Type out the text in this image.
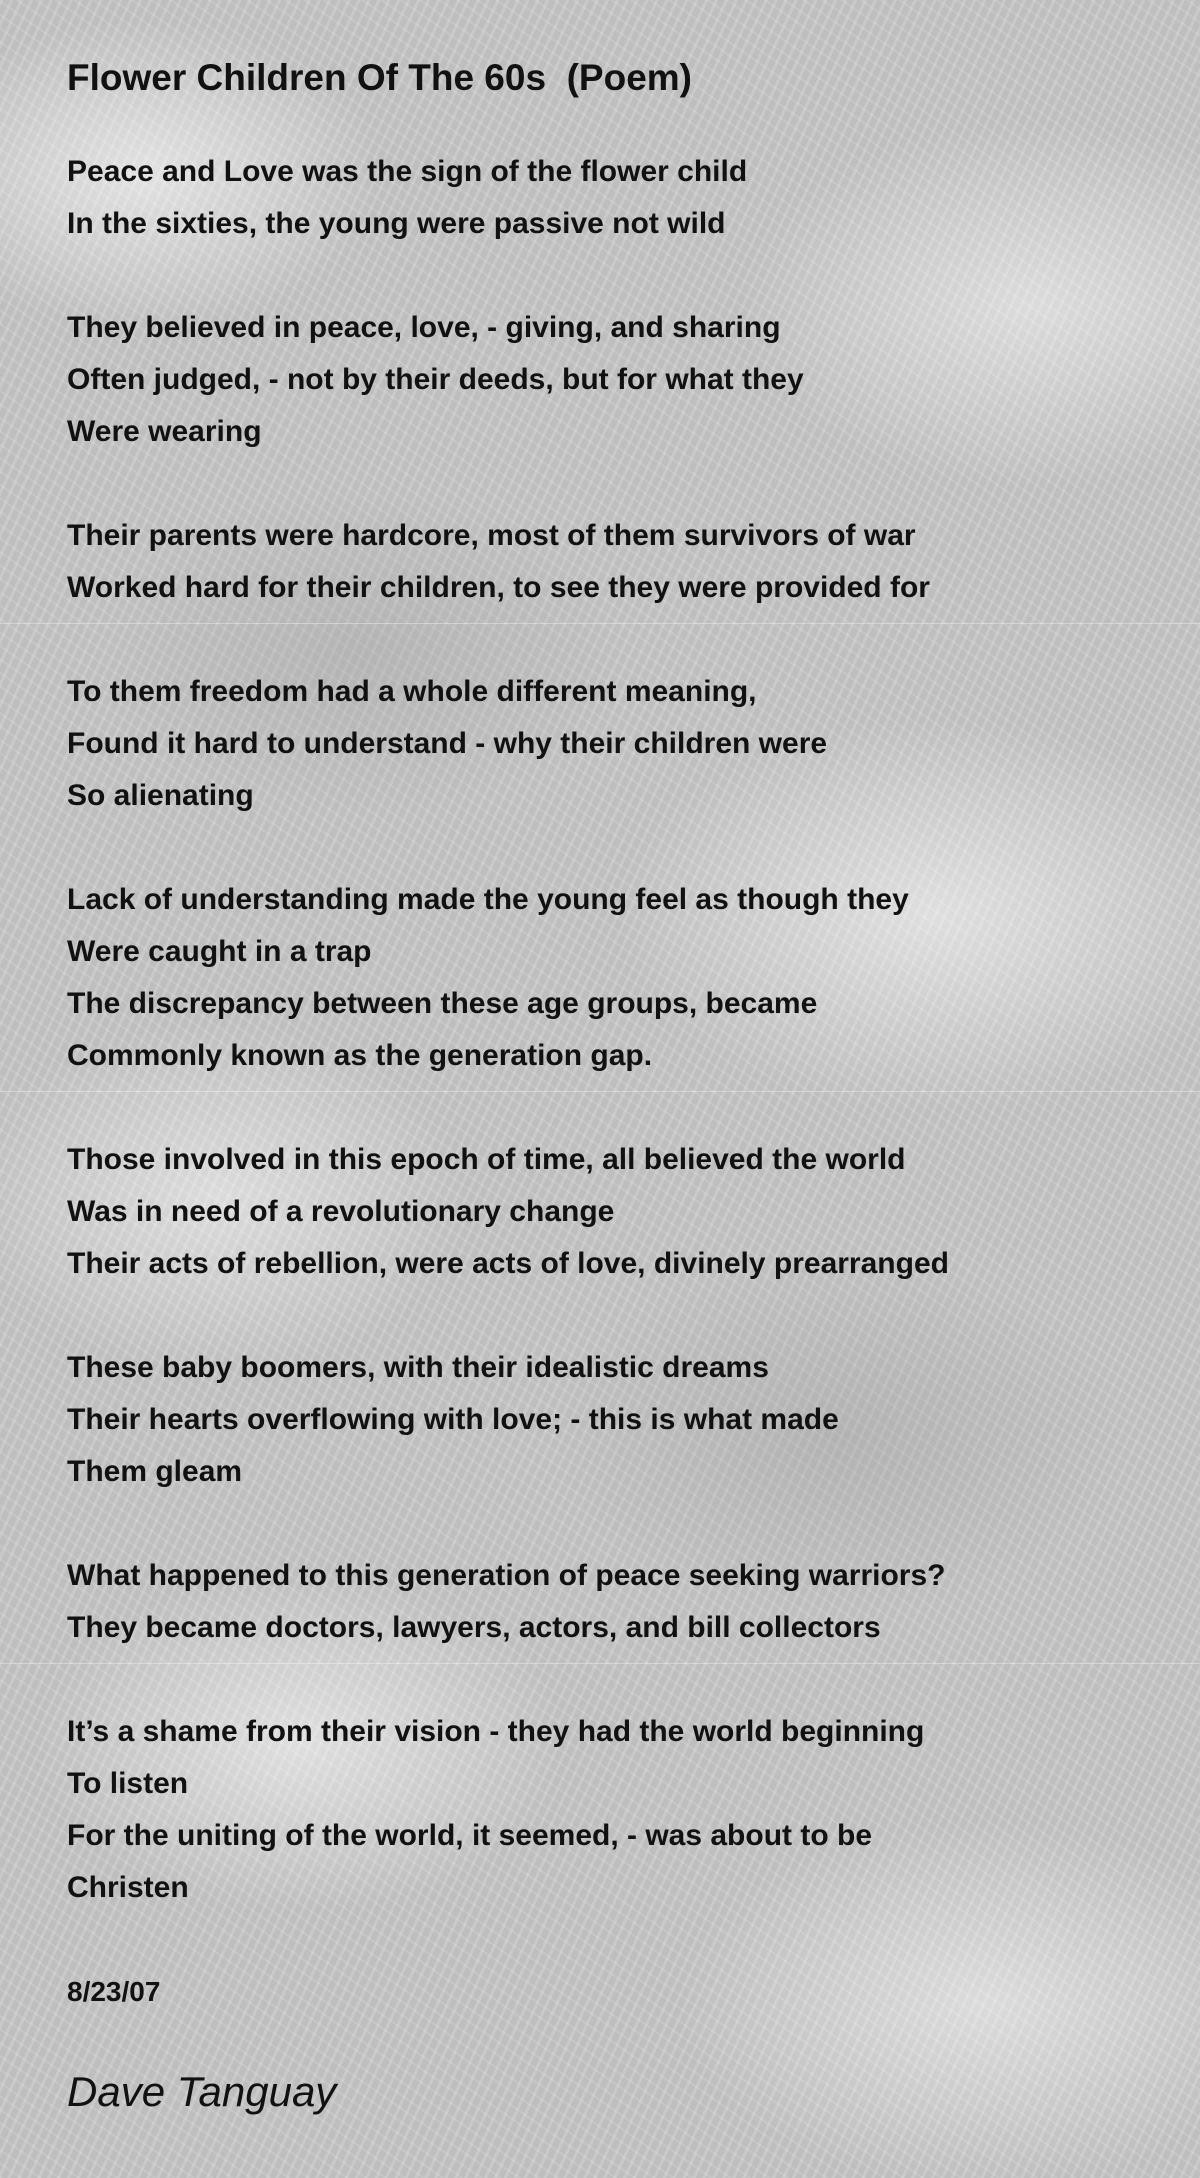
Flower Children Of The 60s  (Poem)
Peace and Love was the sign of the flower child
In the sixties, the young were passive not wild
They believed in peace, love, - giving, and sharing
Often judged, - not by their deeds, but for what they
Were wearing
Their parents were hardcore, most of them survivors of war
Worked hard for their children, to see they were provided for
To them freedom had a whole different meaning,
Found it hard to understand - why their children were
So alienating
Lack of understanding made the young feel as though they
Were caught in a trap
The discrepancy between these age groups, became
Commonly known as the generation gap.
Those involved in this epoch of time, all believed the world
Was in need of a revolutionary change
Their acts of rebellion, were acts of love, divinely prearranged
These baby boomers, with their idealistic dreams
Their hearts overflowing with love; - this is what made
Them gleam
What happened to this generation of peace seeking warriors?
They became doctors, lawyers, actors, and bill collectors
It’s a shame from their vision - they had the world beginning
To listen
For the uniting of the world, it seemed, - was about to be
Christen
8/23/07
Dave Tanguay
